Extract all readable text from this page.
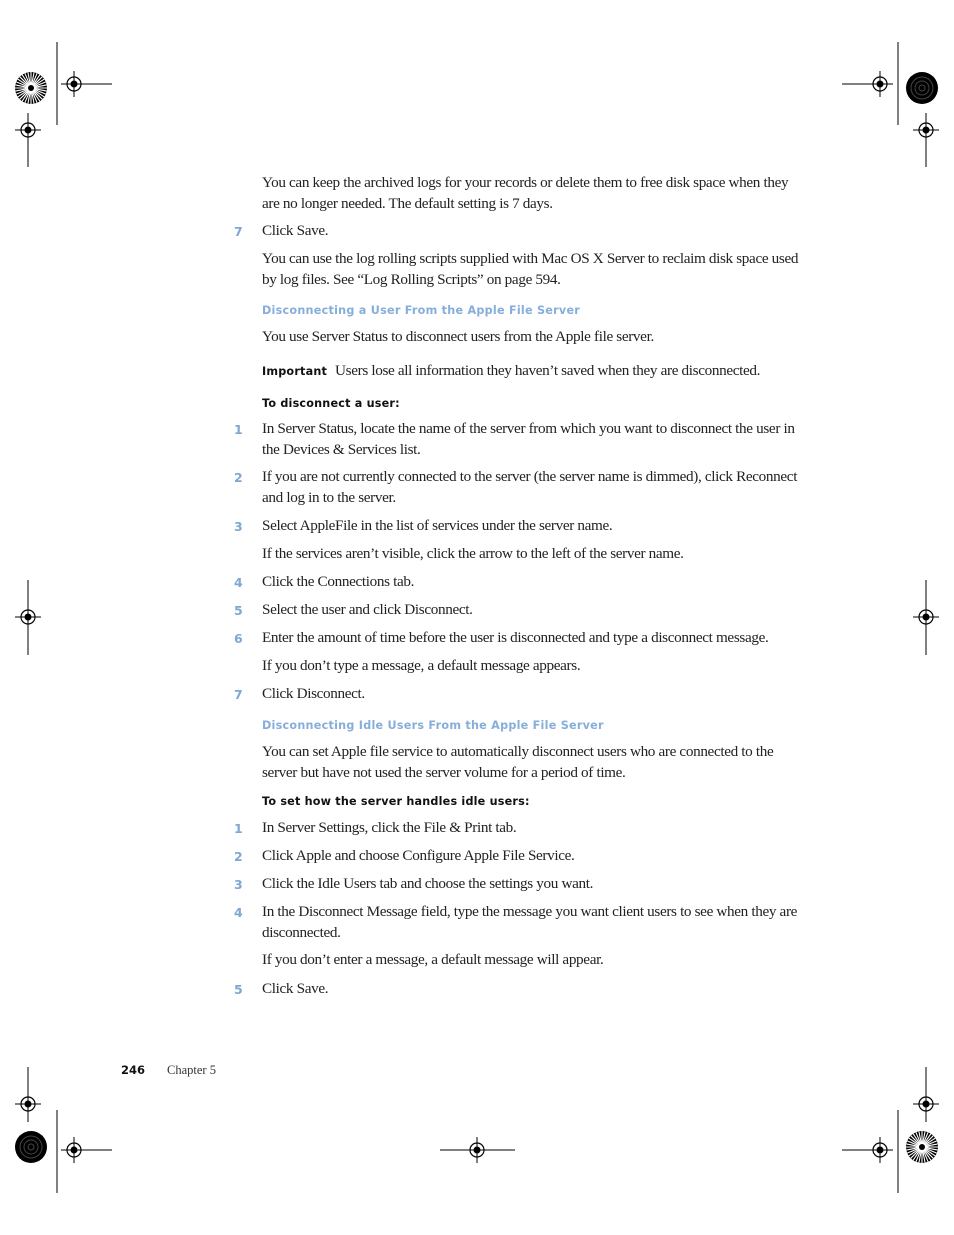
You can keep the archived logs for your records or delete them to free disk space when they are no longer needed. The default setting is 7 days.

7	Click Save.

You can use the log rolling scripts supplied with Mac OS X Server to reclaim disk space used by log files. See “Log Rolling Scripts” on page 594.

Disconnecting a User From the Apple File Server

You use Server Status to disconnect users from the Apple file server.

Important Users lose all information they haven’t saved when they are disconnected.

To disconnect a user:
1	In Server Status, locate the name of the server from which you want to disconnect the user in the Devices & Services list.

2	If you are not currently connected to the server (the server name is dimmed), click Reconnect and log in to the server.

3	Select AppleFile in the list of services under the server name.

If the services aren’t visible, click the arrow to the left of the server name.

4	Click the Connections tab.

5	Select the user and click Disconnect.

6	Enter the amount of time before the user is disconnected and type a disconnect message.

If you don’t type a message, a default message appears.

7	Click Disconnect.

Disconnecting Idle Users From the Apple File Server

You can set Apple file service to automatically disconnect users who are connected to the server but have not used the server volume for a period of time.

To set how the server handles idle users:
1	In Server Settings, click the File & Print tab.

2	Click Apple and choose Configure Apple File Service.

3	Click the Idle Users tab and choose the settings you want.

4	In the Disconnect Message field, type the message you want client users to see when they are disconnected.

If you don’t enter a message, a default message will appear.

5	Click Save.

246 Chapter 5
